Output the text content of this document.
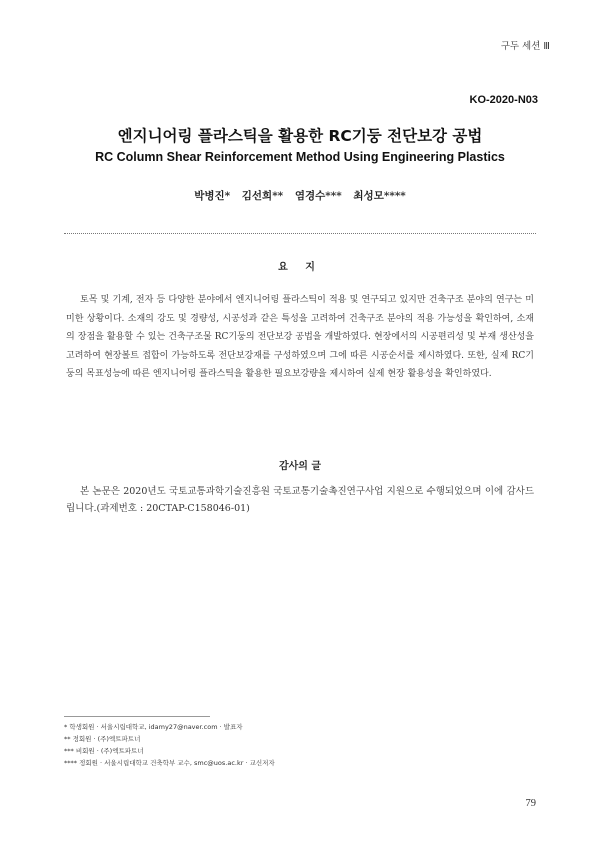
구두 세션 Ⅲ
KO-2020-N03
엔지니어링 플라스틱을 활용한 RC기둥 전단보강 공법
RC Column Shear Reinforcement Method Using Engineering Plastics
박병진* 김선희** 염경수*** 최성모****
요 지

토목 및 기계, 전자 등 다양한 분야에서 엔지니어링 플라스틱이 적용 및 연구되고 있지만 건축구조 분야의 연구는 미미한 상황이다. 소재의 강도 및 경량성, 시공성과 같은 특성을 고려하여 건축구조 분야의 적용 가능성을 확인하여, 소재의 장점을 활용할 수 있는 건축구조물 RC기둥의 전단보강 공법을 개발하였다. 현장에서의 시공편리성 및 부재 생산성을 고려하여 현장볼트 접합이 가능하도록 전단보강재를 구성하였으며 그에 따른 시공순서를 제시하였다. 또한, 실제 RC기둥의 목표성능에 따른 엔지니어링 플라스틱을 활용한 필요보강량을 제시하여 실제 현장 활용성을 확인하였다.

감사의 글

본 논문은 2020년도 국토교통과학기술진흥원 국토교통기술촉진연구사업 지원으로 수행되었으며 이에 감사드립니다.(과제번호 : 20CTAP-C158046-01)

* 학생회원 · 서울시립대학교, idamy27@naver.com · 발표자
** 정회원 · (주)엑트파트너
*** 비회원 · (주)엑트파트너
**** 정회원 · 서울시립대학교 건축학부 교수, smc@uos.ac.kr · 교신저자
79
